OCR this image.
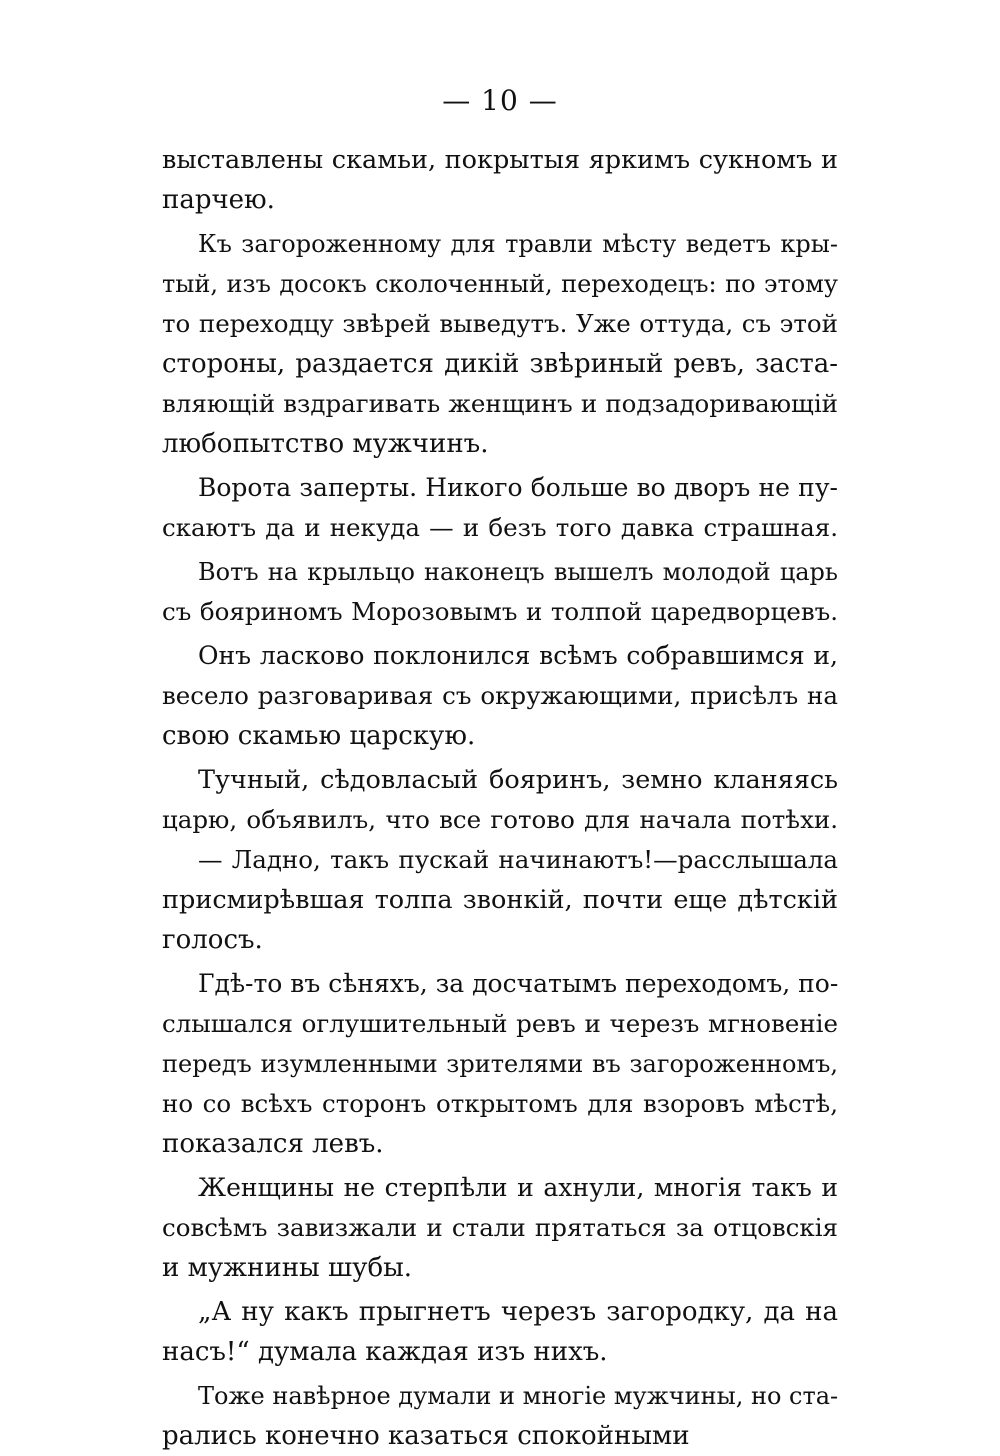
— 10 —
выставлены скамьи, покрытыя яркимъ сукномъ и
парчею.
Къ загороженному для травли мѣсту ведетъ кры-
тый, изъ досокъ сколоченный, переходецъ: по этому
то переходцу звѣрей выведутъ. Уже оттуда, съ этой
стороны, раздается дикій звѣриный ревъ, заста-
вляющій вздрагивать женщинъ и подзадоривающій
любопытство мужчинъ.
Ворота заперты. Никого больше во дворъ не пу-
скаютъ да и некуда — и безъ того давка страшная.
Вотъ на крыльцо наконецъ вышелъ молодой царь
съ бояриномъ Морозовымъ и толпой царедворцевъ.
Онъ ласково поклонился всѣмъ собравшимся и,
весело разговаривая съ окружающими, присѣлъ на
свою скамью царскую.
Тучный, сѣдовласый бояринъ, земно кланяясь
царю, объявилъ, что все готово для начала потѣхи.
— Ладно, такъ пускай начинаютъ!—расслышала
присмирѣвшая толпа звонкій, почти еще дѣтскій
голосъ.
Гдѣ-то въ сѣняхъ, за досчатымъ переходомъ, по-
слышался оглушительный ревъ и черезъ мгновеніе
передъ изумленными зрителями въ загороженномъ,
но со всѣхъ сторонъ открытомъ для взоровъ мѣстѣ,
показался левъ.
Женщины не стерпѣли и ахнули, многія такъ и
совсѣмъ завизжали и стали прятаться за отцовскія
и мужнины шубы.
„А ну какъ прыгнетъ черезъ загородку, да на
насъ!“ думала каждая изъ нихъ.
Тоже навѣрное думали и многіе мужчины, но ста-
рались конечно казаться спокойными
